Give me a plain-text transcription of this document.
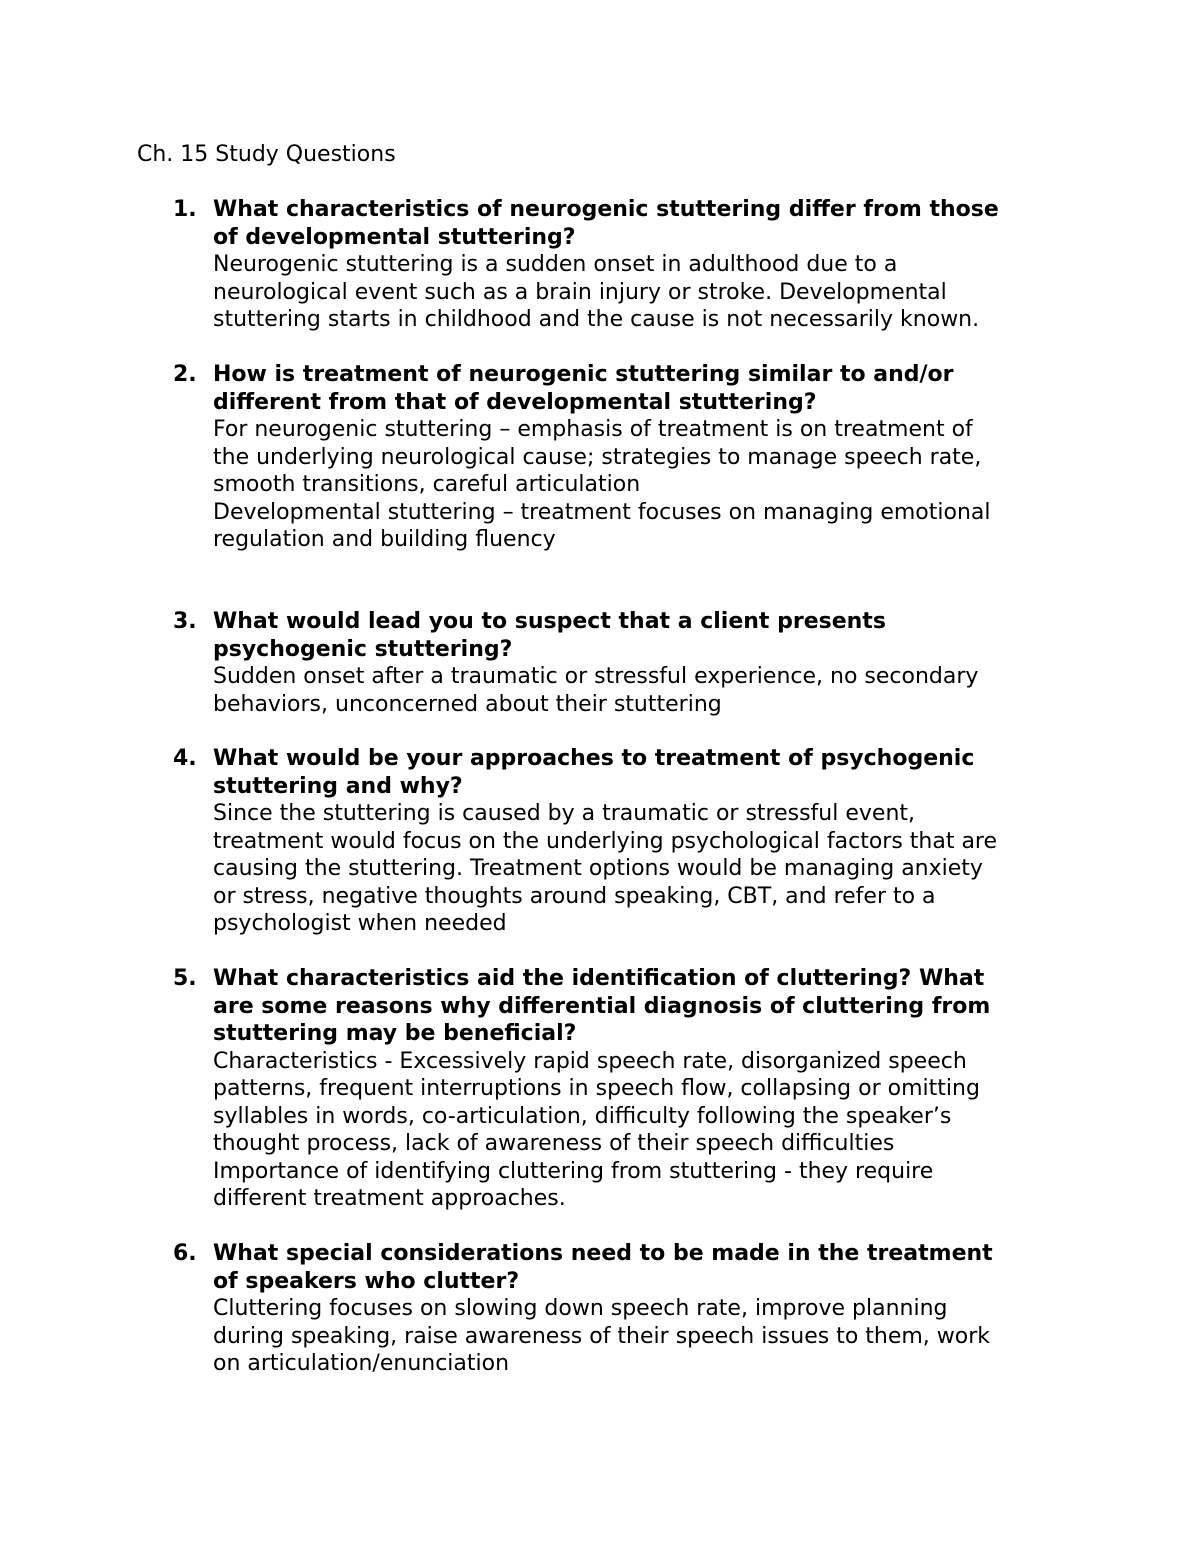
Ch. 15 Study Questions
1. What characteristics of neurogenic stuttering differ from those
of developmental stuttering?
Neurogenic stuttering is a sudden onset in adulthood due to a
neurological event such as a brain injury or stroke. Developmental
stuttering starts in childhood and the cause is not necessarily known.
2. How is treatment of neurogenic stuttering similar to and/or
different from that of developmental stuttering?
For neurogenic stuttering – emphasis of treatment is on treatment of
the underlying neurological cause; strategies to manage speech rate,
smooth transitions, careful articulation
Developmental stuttering – treatment focuses on managing emotional
regulation and building fluency
3. What would lead you to suspect that a client presents
psychogenic stuttering?
Sudden onset after a traumatic or stressful experience, no secondary
behaviors, unconcerned about their stuttering
4. What would be your approaches to treatment of psychogenic
stuttering and why?
Since the stuttering is caused by a traumatic or stressful event,
treatment would focus on the underlying psychological factors that are
causing the stuttering. Treatment options would be managing anxiety
or stress, negative thoughts around speaking, CBT, and refer to a
psychologist when needed
5. What characteristics aid the identification of cluttering? What
are some reasons why differential diagnosis of cluttering from
stuttering may be beneficial?
Characteristics - Excessively rapid speech rate, disorganized speech
patterns, frequent interruptions in speech flow, collapsing or omitting
syllables in words, co-articulation, difficulty following the speaker’s
thought process, lack of awareness of their speech difficulties
Importance of identifying cluttering from stuttering - they require
different treatment approaches.
6. What special considerations need to be made in the treatment
of speakers who clutter?
Cluttering focuses on slowing down speech rate, improve planning
during speaking, raise awareness of their speech issues to them, work
on articulation/enunciation
